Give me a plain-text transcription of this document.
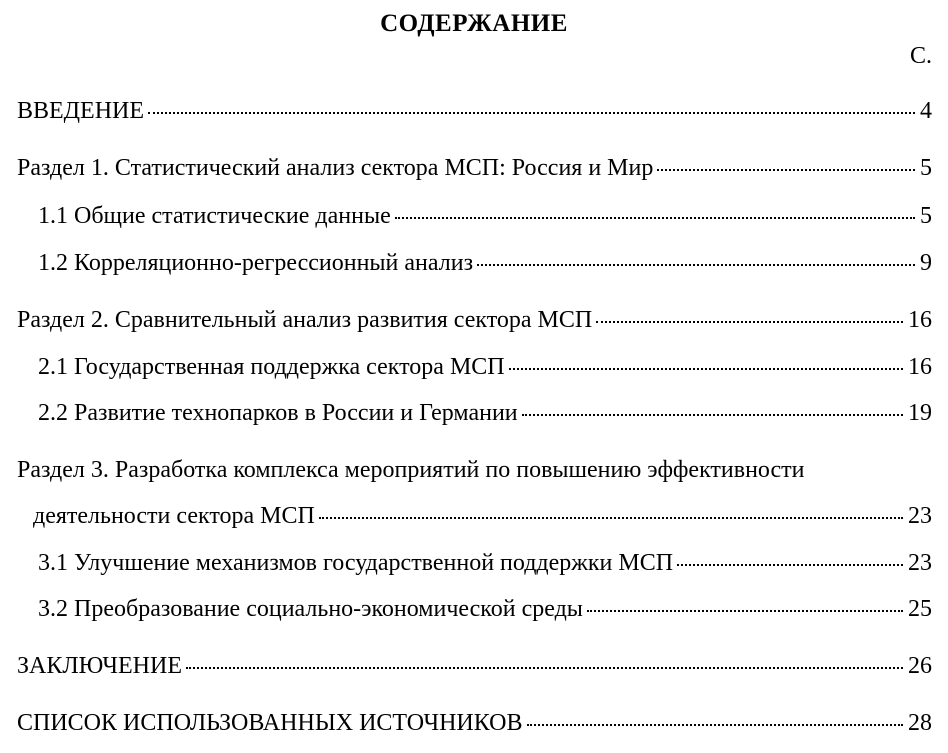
СОДЕРЖАНИЕ
С.
ВВЕДЕНИЕ	4
Раздел 1. Статистический анализ сектора МСП: Россия и Мир	5
1.1 Общие статистические данные	5
1.2 Корреляционно-регрессионный анализ	9
Раздел 2. Сравнительный анализ развития сектора МСП	16
2.1 Государственная поддержка сектора МСП	16
2.2 Развитие технопарков в России и Германии	19
Раздел 3. Разработка комплекса мероприятий по повышению эффективности
деятельности сектора МСП	23
3.1 Улучшение механизмов государственной поддержки МСП	23
3.2 Преобразование социально-экономической среды	25
ЗАКЛЮЧЕНИЕ	26
СПИСОК ИСПОЛЬЗОВАННЫХ ИСТОЧНИКОВ	28
